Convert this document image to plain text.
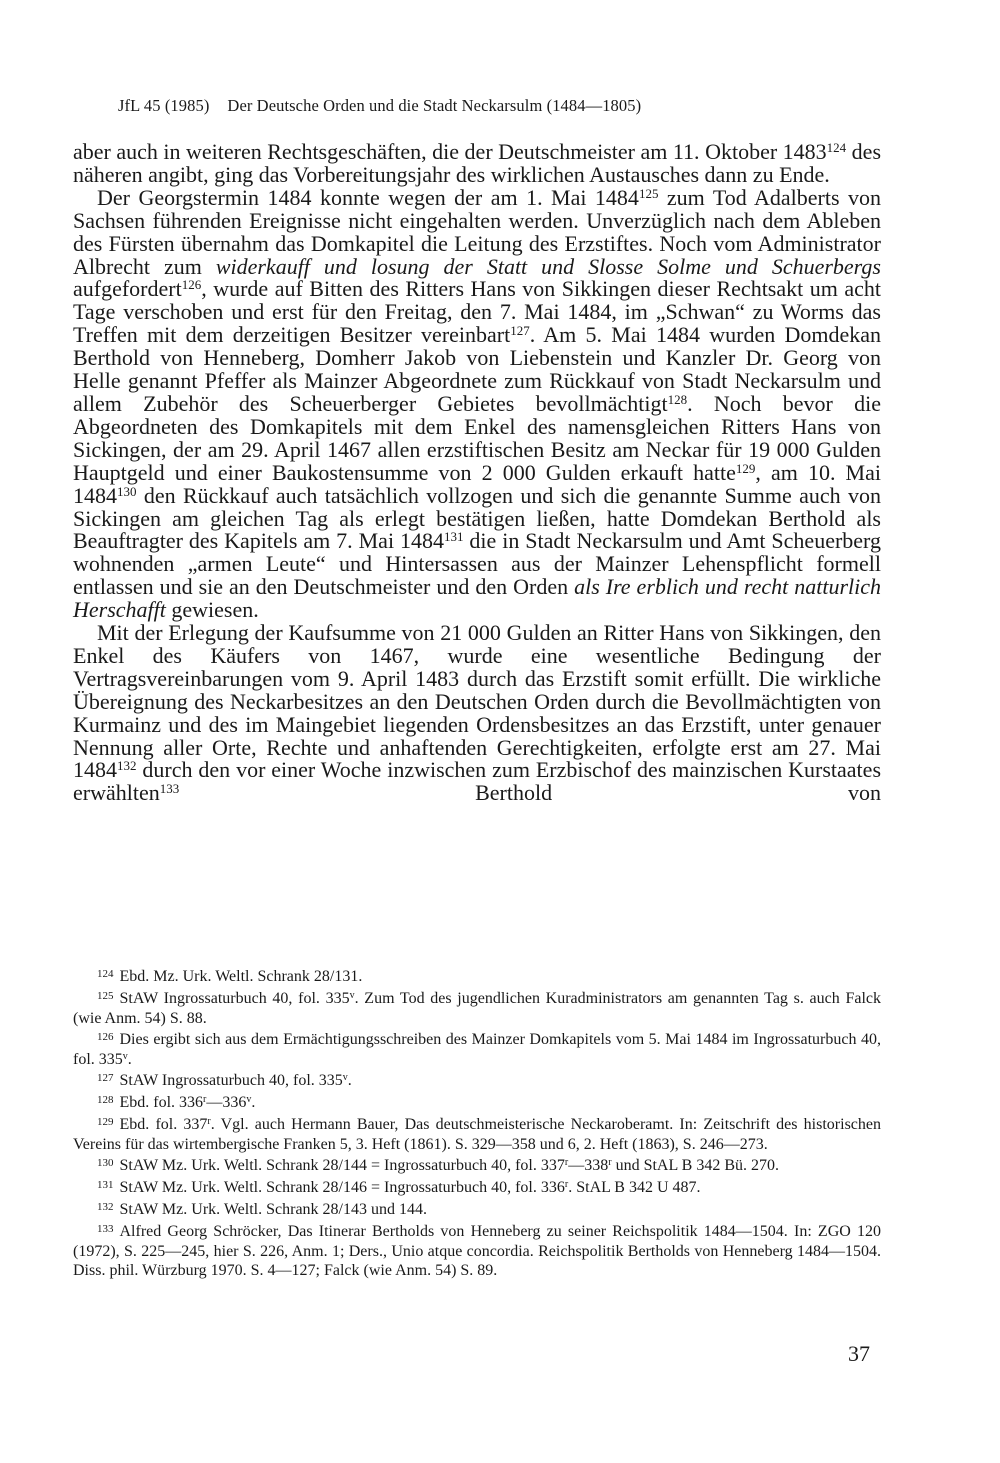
JfL 45 (1985) Der Deutsche Orden und die Stadt Neckarsulm (1484—1805)

aber auch in weiteren Rechtsgeschäften, die der Deutschmeister am 11. Oktober 1483$^{124}$ des näheren angibt, ging das Vorbereitungsjahr des wirklichen Austausches dann zu Ende.

Der Georgstermin 1484 konnte wegen der am 1. Mai 1484$^{125}$ zum Tod Adalberts von Sachsen führenden Ereignisse nicht eingehalten werden. Unverzüglich nach dem Ableben des Fürsten übernahm das Domkapitel die Leitung des Erzstiftes. Noch vom Administrator Albrecht zum widerkauff und losung der Statt und Slosse Solme und Schuerbergs aufgefordert$^{126}$, wurde auf Bitten des Ritters Hans von Sikkingen dieser Rechtsakt um acht Tage verschoben und erst für den Freitag, den 7. Mai 1484, im „Schwan“ zu Worms das Treffen mit dem derzeitigen Besitzer vereinbart$^{127}$. Am 5. Mai 1484 wurden Domdekan Berthold von Henneberg, Domherr Jakob von Liebenstein und Kanzler Dr. Georg von Helle genannt Pfeffer als Mainzer Abgeordnete zum Rückkauf von Stadt Neckarsulm und allem Zubehör des Scheuerberger Gebietes bevollmächtigt$^{128}$. Noch bevor die Abgeordneten des Domkapitels mit dem Enkel des namensgleichen Ritters Hans von Sickingen, der am 29. April 1467 allen erzstiftischen Besitz am Neckar für 19 000 Gulden Hauptgeld und einer Baukostensumme von 2 000 Gulden erkauft hatte$^{129}$, am 10. Mai 1484$^{130}$ den Rückkauf auch tatsächlich vollzogen und sich die genannte Summe auch von Sickingen am gleichen Tag als erlegt bestätigen ließen, hatte Domdekan Berthold als Beauftragter des Kapitels am 7. Mai 1484$^{131}$ die in Stadt Neckarsulm und Amt Scheuerberg wohnenden „armen Leute“ und Hintersassen aus der Mainzer Lehenspflicht formell entlassen und sie an den Deutschmeister und den Orden als Ire erblich und recht natturlich Herschafft gewiesen.

Mit der Erlegung der Kaufsumme von 21 000 Gulden an Ritter Hans von Sikkingen, den Enkel des Käufers von 1467, wurde eine wesentliche Bedingung der Vertragsvereinbarungen vom 9. April 1483 durch das Erzstift somit erfüllt. Die wirkliche Übereignung des Neckarbesitzes an den Deutschen Orden durch die Bevollmächtigten von Kurmainz und des im Maingebiet liegenden Ordensbesitzes an das Erzstift, unter genauer Nennung aller Orte, Rechte und anhaftenden Gerechtigkeiten, erfolgte erst am 27. Mai 1484$^{132}$ durch den vor einer Woche inzwischen zum Erzbischof des mainzischen Kurstaates erwählten$^{133}$ Berthold von

$^{124}$ Ebd. Mz. Urk. Weltl. Schrank 28/131.

$^{125}$ StAW Ingrossaturbuch 40, fol. 335$^v$. Zum Tod des jugendlichen Kuradministrators am genannten Tag s. auch Falck (wie Anm. 54) S. 88.

$^{126}$ Dies ergibt sich aus dem Ermächtigungsschreiben des Mainzer Domkapitels vom 5. Mai 1484 im Ingrossaturbuch 40, fol. 335$^v$.

$^{127}$ StAW Ingrossaturbuch 40, fol. 335$^v$.

$^{128}$ Ebd. fol. 336$^r$—336$^v$.

$^{129}$ Ebd. fol. 337$^r$. Vgl. auch Hermann Bauer, Das deutschmeisterische Neckaroberamt. In: Zeitschrift des historischen Vereins für das wirtembergische Franken 5, 3. Heft (1861). S. 329—358 und 6, 2. Heft (1863), S. 246—273.

$^{130}$ StAW Mz. Urk. Weltl. Schrank 28/144 = Ingrossaturbuch 40, fol. 337$^r$—338$^r$ und StAL B 342 Bü. 270.

$^{131}$ StAW Mz. Urk. Weltl. Schrank 28/146 = Ingrossaturbuch 40, fol. 336$^r$. StAL B 342 U 487.

$^{132}$ StAW Mz. Urk. Weltl. Schrank 28/143 und 144.

$^{133}$ Alfred Georg Schröcker, Das Itinerar Bertholds von Henneberg zu seiner Reichspolitik 1484—1504. In: ZGO 120 (1972), S. 225—245, hier S. 226, Anm. 1; Ders., Unio atque concordia. Reichspolitik Bertholds von Henneberg 1484—1504. Diss. phil. Würzburg 1970. S. 4—127; Falck (wie Anm. 54) S. 89.

37
